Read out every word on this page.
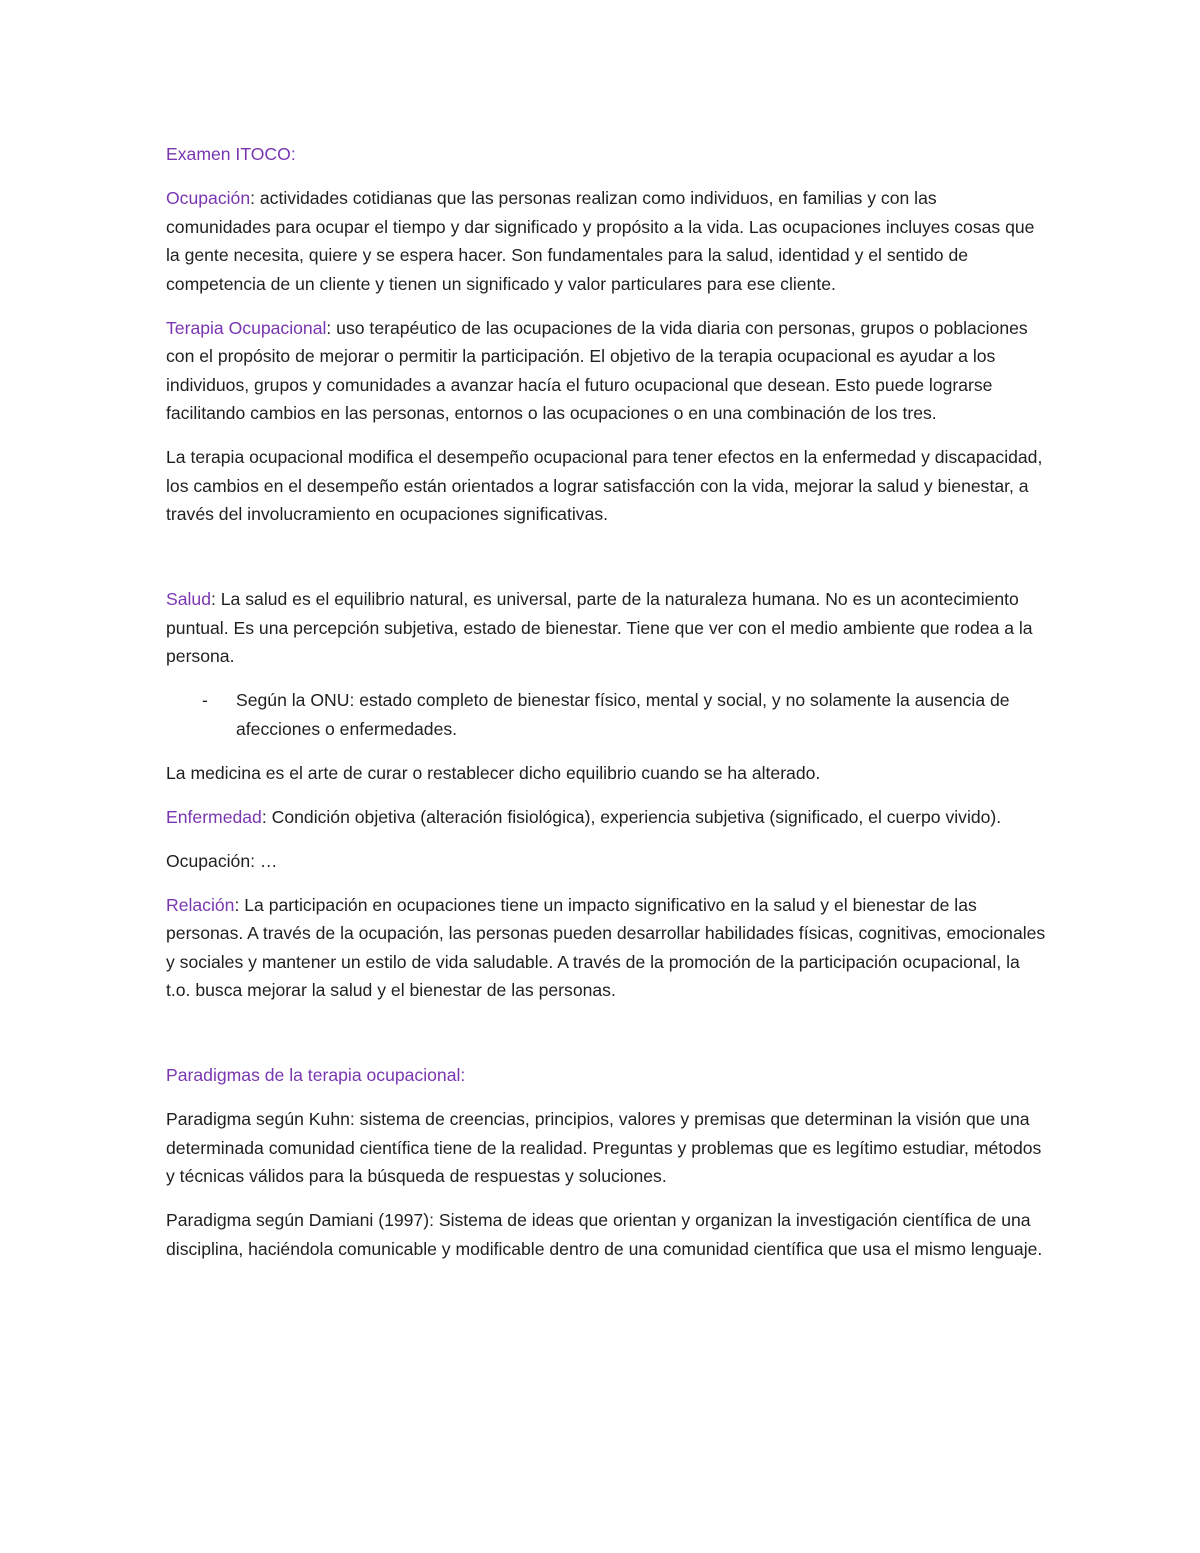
Examen ITOCO:

Ocupación: actividades cotidianas que las personas realizan como individuos, en familias y con las comunidades para ocupar el tiempo y dar significado y propósito a la vida. Las ocupaciones incluyes cosas que la gente necesita, quiere y se espera hacer. Son fundamentales para la salud, identidad y el sentido de competencia de un cliente y tienen un significado y valor particulares para ese cliente.

Terapia Ocupacional: uso terapéutico de las ocupaciones de la vida diaria con personas, grupos o poblaciones con el propósito de mejorar o permitir la participación. El objetivo de la terapia ocupacional es ayudar a los individuos, grupos y comunidades a avanzar hacía el futuro ocupacional que desean. Esto puede lograrse facilitando cambios en las personas, entornos o las ocupaciones o en una combinación de los tres.

La terapia ocupacional modifica el desempeño ocupacional para tener efectos en la enfermedad y discapacidad, los cambios en el desempeño están orientados a lograr satisfacción con la vida, mejorar la salud y bienestar, a través del involucramiento en ocupaciones significativas.

Salud: La salud es el equilibrio natural, es universal, parte de la naturaleza humana. No es un acontecimiento puntual. Es una percepción subjetiva, estado de bienestar. Tiene que ver con el medio ambiente que rodea a la persona.

- Según la ONU: estado completo de bienestar físico, mental y social, y no solamente la ausencia de afecciones o enfermedades.

La medicina es el arte de curar o restablecer dicho equilibrio cuando se ha alterado.

Enfermedad: Condición objetiva (alteración fisiológica), experiencia subjetiva (significado, el cuerpo vivido).

Ocupación: …

Relación: La participación en ocupaciones tiene un impacto significativo en la salud y el bienestar de las personas. A través de la ocupación, las personas pueden desarrollar habilidades físicas, cognitivas, emocionales y sociales y mantener un estilo de vida saludable. A través de la promoción de la participación ocupacional, la t.o. busca mejorar la salud y el bienestar de las personas.

Paradigmas de la terapia ocupacional:

Paradigma según Kuhn: sistema de creencias, principios, valores y premisas que determinan la visión que una determinada comunidad científica tiene de la realidad. Preguntas y problemas que es legítimo estudiar, métodos y técnicas válidos para la búsqueda de respuestas y soluciones.

Paradigma según Damiani (1997): Sistema de ideas que orientan y organizan la investigación científica de una disciplina, haciéndola comunicable y modificable dentro de una comunidad científica que usa el mismo lenguaje.
